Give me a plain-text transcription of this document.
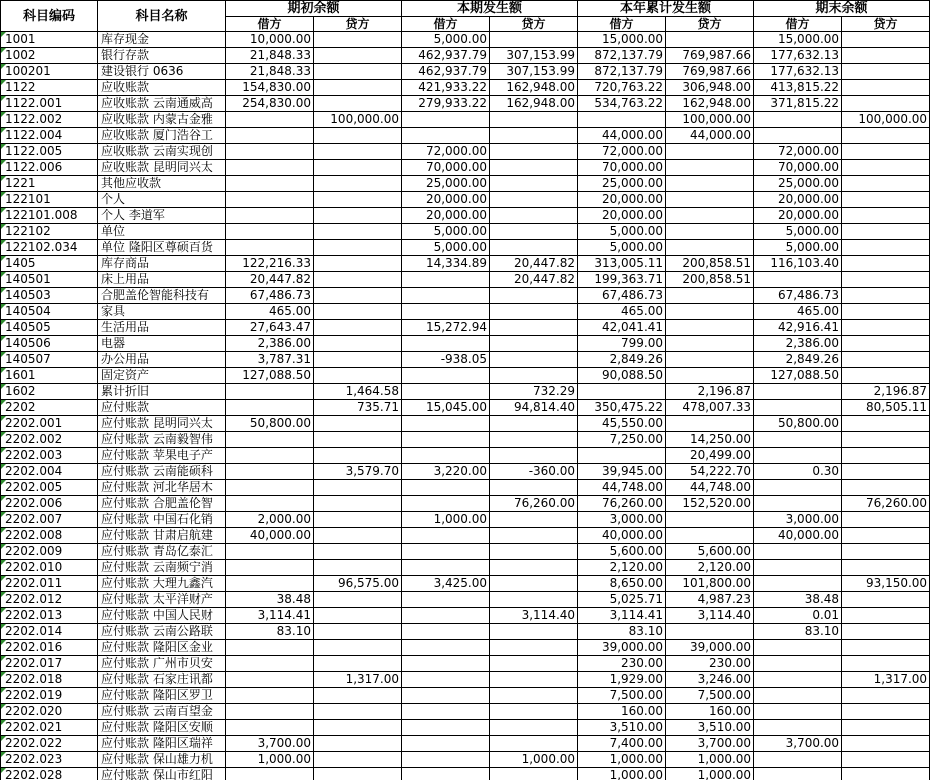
科目编码	科目名称	期初余额		本期发生额		本年累计发生额		期末余额	
		借方	贷方	借方	贷方	借方	贷方	借方	贷方
1001	库存现金	10,000.00		5,000.00		15,000.00		15,000.00	
1002	银行存款	21,848.33		462,937.79	307,153.99	872,137.79	769,987.66	177,632.13	
100201	建设银行 0636	21,848.33		462,937.79	307,153.99	872,137.79	769,987.66	177,632.13	
1122	应收账款	154,830.00		421,933.22	162,948.00	720,763.22	306,948.00	413,815.22	
1122.001	应收账款 云南通威高	254,830.00		279,933.22	162,948.00	534,763.22	162,948.00	371,815.22	
1122.002	应收账款 内蒙古金雅		100,000.00				100,000.00		100,000.00
1122.004	应收账款 厦门浩谷工					44,000.00	44,000.00		
1122.005	应收账款 云南实现创			72,000.00		72,000.00		72,000.00	
1122.006	应收账款 昆明同兴太			70,000.00		70,000.00		70,000.00	
1221	其他应收款			25,000.00		25,000.00		25,000.00	
122101	个人			20,000.00		20,000.00		20,000.00	
122101.008	个人 李道军			20,000.00		20,000.00		20,000.00	
122102	单位			5,000.00		5,000.00		5,000.00	
122102.034	单位 隆阳区尊硕百货			5,000.00		5,000.00		5,000.00	
1405	库存商品	122,216.33		14,334.89	20,447.82	313,005.11	200,858.51	116,103.40	
140501	床上用品	20,447.82			20,447.82	199,363.71	200,858.51		
140503	合肥盖伦智能科技有	67,486.73				67,486.73		67,486.73	
140504	家具	465.00				465.00		465.00	
140505	生活用品	27,643.47		15,272.94		42,041.41		42,916.41	
140506	电器	2,386.00				799.00		2,386.00	
140507	办公用品	3,787.31		-938.05		2,849.26		2,849.26	
1601	固定资产	127,088.50				90,088.50		127,088.50	
1602	累计折旧		1,464.58		732.29		2,196.87		2,196.87
2202	应付账款		735.71	15,045.00	94,814.40	350,475.22	478,007.33		80,505.11
2202.001	应付账款 昆明同兴太	50,800.00				45,550.00		50,800.00	
2202.002	应付账款 云南毅智伟					7,250.00	14,250.00		
2202.003	应付账款 苹果电子产						20,499.00		
2202.004	应付账款 云南能硕科		3,579.70	3,220.00	-360.00	39,945.00	54,222.70	0.30	
2202.005	应付账款 河北华居木					44,748.00	44,748.00		
2202.006	应付账款 合肥盖伦智				76,260.00	76,260.00	152,520.00		76,260.00
2202.007	应付账款 中国石化销	2,000.00		1,000.00		3,000.00		3,000.00	
2202.008	应付账款 甘肃启航建	40,000.00				40,000.00		40,000.00	
2202.009	应付账款 青岛亿泰汇					5,600.00	5,600.00		
2202.010	应付账款 云南频宁消					2,120.00	2,120.00		
2202.011	应付账款 大理九鑫汽		96,575.00	3,425.00		8,650.00	101,800.00		93,150.00
2202.012	应付账款 太平洋财产	38.48				5,025.71	4,987.23	38.48	
2202.013	应付账款 中国人民财	3,114.41			3,114.40	3,114.41	3,114.40	0.01	
2202.014	应付账款 云南公路联	83.10				83.10		83.10	
2202.016	应付账款 隆阳区金业					39,000.00	39,000.00		
2202.017	应付账款 广州市贝安					230.00	230.00		
2202.018	应付账款 石家庄讯都		1,317.00			1,929.00	3,246.00		1,317.00
2202.019	应付账款 隆阳区罗卫					7,500.00	7,500.00		
2202.020	应付账款 云南百望金					160.00	160.00		
2202.021	应付账款 隆阳区安顺					3,510.00	3,510.00		
2202.022	应付账款 隆阳区瑞祥	3,700.00				7,400.00	3,700.00	3,700.00	
2202.023	应付账款 保山雄力机	1,000.00			1,000.00	1,000.00	1,000.00		
2202.028	应付账款 保山市红阳					1,000.00	1,000.00		
